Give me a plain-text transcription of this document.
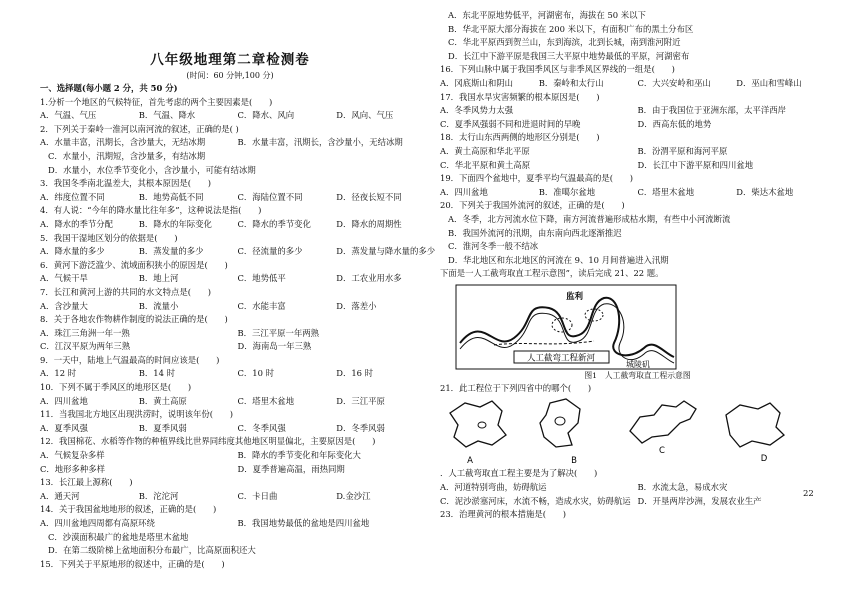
八年级地理第二章检测卷
(时间：60 分钟,100 分)
一、选择题(每小题 2 分，共 50 分)
1.分析一个地区的气候特征，首先考虑的两个主要因素是(　　)
A．气温、气压	B．气温、降水	C．降水、风向	D．风向、气压
2．下列关于秦岭一淮河以南河流的叙述，正确的是( )
A．水量丰富，汛期长，含沙量大，无结冰期	B．水量丰富，汛期长，含沙量小，无结冰期
C．水量小，汛期短，含沙量多，有结冰期
D．水量小，水位季节变化小，含沙量小，可能有结冰期
3．我国冬季南北温差大，其根本原因是(　　)
A．纬度位置不同	B．地势高低不同	C．海陆位置不同	D．径夜长短不同
4．有人说：“今年的降水量比往年多”，这种说法是指(　　)
A．降水的季节分配	B．降水的年际变化	C．降水的季节变化	D．降水的周期性
5．我国干湿地区划分的依据是(　　)
A．降水量的多少	B．蒸发量的多少	C．径流量的多少	D．蒸发量与降水量的多少
6．黄河下游泛滥少、流域面积狭小的原因是(　　)
A．气候干旱	B．地上河	C．地势低平	D．工农业用水多
7．长江和黄河上游的共同的水文特点是(　　)
A．含沙量大	B．流量小	C．水能丰富	D．落差小
8．关于各地农作物耕作制度的说法正确的是(　　)
A．珠江三角洲一年一熟	B．三江平原一年两熟
C．江汉平原为两年三熟	D．海南岛一年三熟
9．一天中，陆地上气温最高的时间应该是(　　)
A．12 时	B．14 时	C．10 时	D．16 时
10．下列不属于季风区的地形区是(　　)
A．四川盆地	B．黄土高原	C．塔里木盆地	D．三江平原
11．当我国北方地区出现洪涝时，说明该年份(　　)
A．夏季风强	B．夏季风弱	C．冬季风强	D．冬季风弱
12．我国棉花、水稻等作物的种植界线比世界同纬度其他地区明显偏北，主要原因是(　　)
A．气候复杂多样	B．降水的季节变化和年际变化大
C．地形多种多样	D．夏季普遍高温，雨热同期
13．长江最上源称(　　)
A．通天河	B．沱沱河	C．卡日曲	D.金沙江
14．关于我国盆地地形的叙述，正确的是(　　)
A．四川盆地四周都有高原环绕	B．我国地势最低的盆地是四川盆地
C．沙漠面积最广的盆地是塔里木盆地
D．在第二级阶梯上盆地面积分布最广，比高原面积还大
15．下列关于平原地形的叙述中，正确的是(　　)
A．东北平原地势低平，河湖密布，海拔在 50 米以下
B．华北平原大部分海拔在 200 米以下，有面积广布的黑土分布区
C．华北平原西到贺兰山，东到海滨，北到长城，南到淮河附近
D．长江中下游平原是我国三大平原中地势最低的平原，河湖密布
16．下列山脉中属于我国季风区与非季风区界线的一组是(　　)
A．冈底斯山和阴山	B．秦岭和太行山	C．大兴安岭和巫山	D．巫山和雪峰山
17．我国水旱灾害频繁的根本原因是(　　)
A．冬季风势力太强	B．由于我国位于亚洲东部，太平洋西岸
C．夏季风强弱不同和进退时间的早晚	D．西高东低的地势
18．太行山东西两侧的地形区分别是(　　)
A．黄土高原和华北平原	B．汾渭平原和海河平原
C．华北平原和黄土高原	D．长江中下游平原和四川盆地
19．下面四个盆地中，夏季平均气温最高的是(　　)
A．四川盆地	B．准噶尔盆地	C．塔里木盆地	D．柴达木盆地
20．下列关于我国外流河的叙述，正确的是(　　)
A．冬季，北方河流水位下降，南方河流普遍形成枯水期，有些中小河流断流
B．我国外流河的汛期，由东南向西北逐渐推迟
C．淮河冬季一般不结冰
D．华北地区和东北地区的河流在 9、10 月间普遍进入汛期
下面是一人工截弯取直工程示意图”，读后完成 21、22 题。
人工截弯工程新河
监利
城陵矶
图1　人工截弯取直工程示意图
21．此工程位于下列四省中的哪个(　　)
A	B
C
D
．人工截弯取直工程主要是为了解决(　　)
A．河道特别弯曲，妨碍航运	B．水流太急，易成水灾
C．泥沙淤塞河床，水流不畅，造成水灾，妨碍航运 D．开垦两岸沙洲，发展农业生产
23．治理黄河的根本措施是(　　)
22
